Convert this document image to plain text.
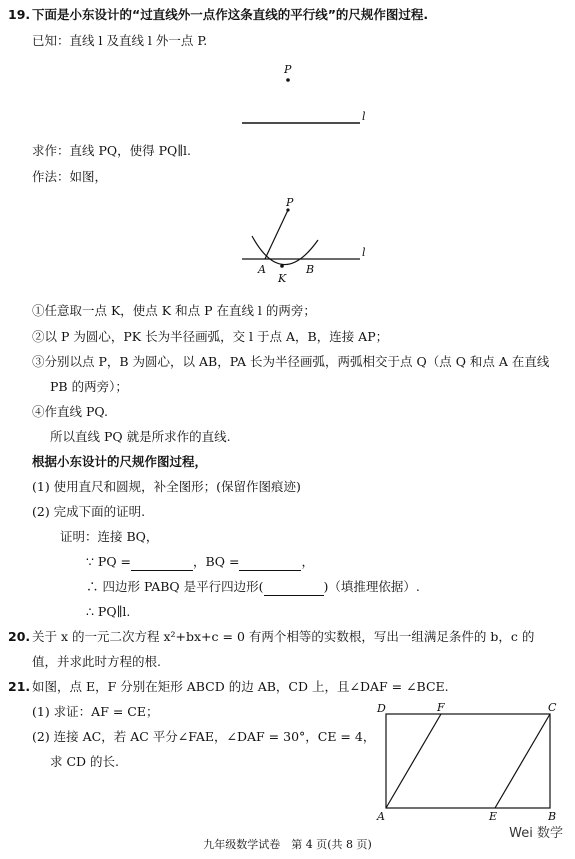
19. 下面是小东设计的“过直线外一点作这条直线的平行线”的尺规作图过程.
已知：直线 l 及直线 l 外一点 P.
P
l
求作：直线 PQ，使得 PQ∥l.
作法：如图，
P
l
A	B
K
①任意取一点 K，使点 K 和点 P 在直线 l 的两旁；
②以 P 为圆心，PK 长为半径画弧，交 l 于点 A，B，连接 AP；
③分别以点 P，B 为圆心，以 AB，PA 长为半径画弧，两弧相交于点 Q（点 Q 和点 A 在直线
PB 的两旁）；
④作直线 PQ.
所以直线 PQ 就是所求作的直线.
根据小东设计的尺规作图过程，
(1) 使用直尺和圆规，补全图形；(保留作图痕迹)
(2) 完成下面的证明.
证明：连接 BQ，
∵ PQ =	，BQ =	，
∴ 四边形 PABQ 是平行四边形(	)（填推理依据）.
∴ PQ∥l.
20. 关于 x 的一元二次方程 x²+bx+c = 0 有两个相等的实数根，写出一组满足条件的 b，c 的
值，并求此时方程的根.
21. 如图，点 E，F 分别在矩形 ABCD 的边 AB，CD 上，且∠DAF = ∠BCE.
(1) 求证：AF = CE；
(2) 连接 AC，若 AC 平分∠FAE，∠DAF = 30°，CE = 4，
求 CD 的长.
D	F	C
A	E	B
Wei 数学
九年级数学试卷　第 4 页(共 8 页)
